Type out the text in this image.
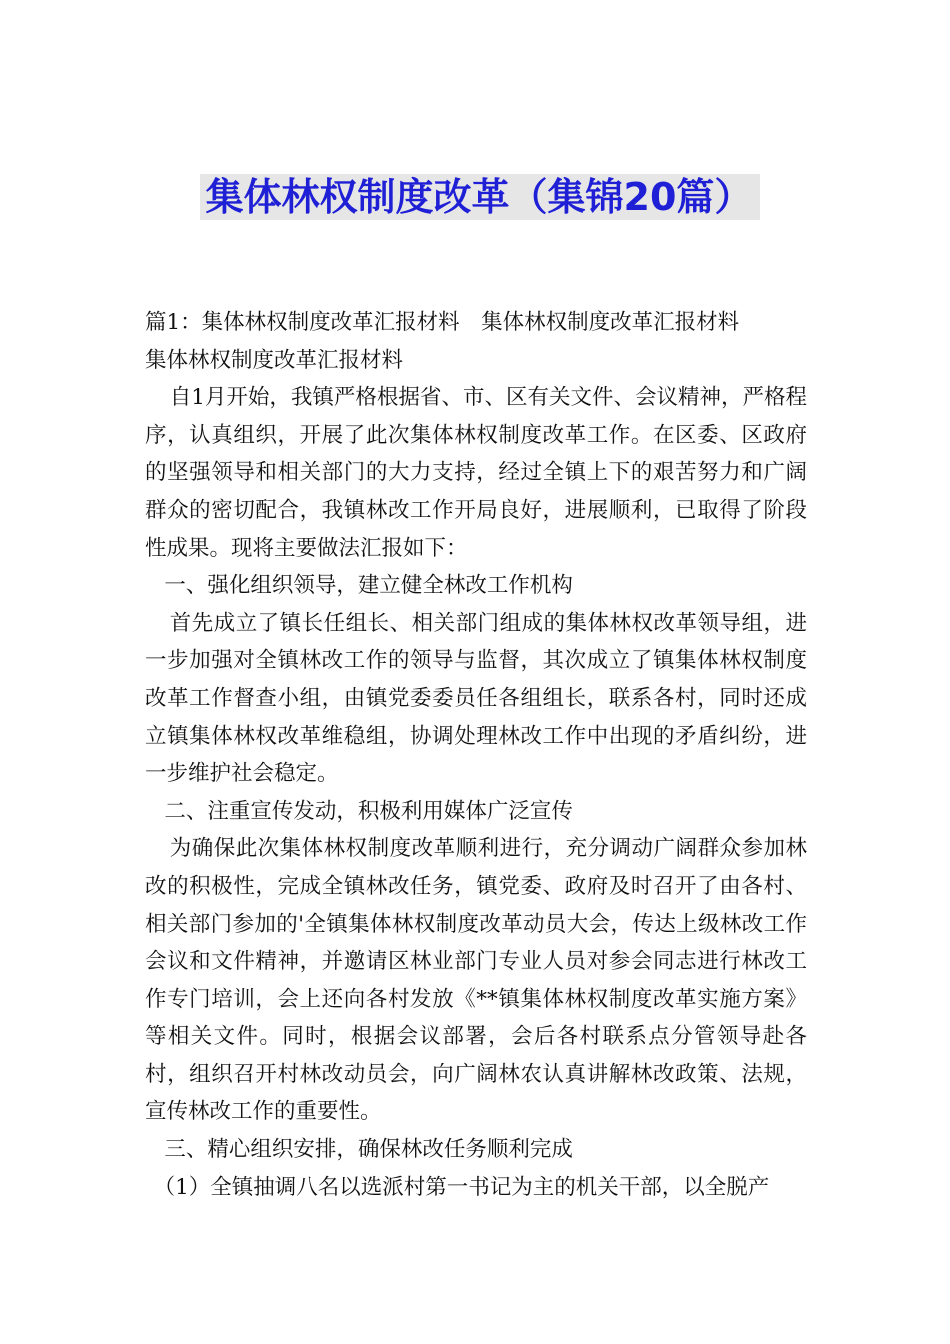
集体林权制度改革（集锦20篇）

篇1：集体林权制度改革汇报材料　集体林权制度改革汇报材料

集体林权制度改革汇报材料

自1月开始，我镇严格根据省、市、区有关文件、会议精神，严格程序，认真组织，开展了此次集体林权制度改革工作。在区委、区政府的坚强领导和相关部门的大力支持，经过全镇上下的艰苦努力和广阔群众的密切配合，我镇林改工作开局良好，进展顺利，已取得了阶段性成果。现将主要做法汇报如下：

一、强化组织领导，建立健全林改工作机构

首先成立了镇长任组长、相关部门组成的集体林权改革领导组，进一步加强对全镇林改工作的领导与监督，其次成立了镇集体林权制度改革工作督查小组，由镇党委委员任各组组长，联系各村，同时还成立镇集体林权改革维稳组，协调处理林改工作中出现的矛盾纠纷，进一步维护社会稳定。

二、注重宣传发动，积极利用媒体广泛宣传

为确保此次集体林权制度改革顺利进行，充分调动广阔群众参加林改的积极性，完成全镇林改任务，镇党委、政府及时召开了由各村、相关部门参加的'全镇集体林权制度改革动员大会，传达上级林改工作会议和文件精神，并邀请区林业部门专业人员对参会同志进行林改工作专门培训，会上还向各村发放《**镇集体林权制度改革实施方案》等相关文件。同时，根据会议部署，会后各村联系点分管领导赴各村，组织召开村林改动员会，向广阔林农认真讲解林改政策、法规，宣传林改工作的重要性。

三、精心组织安排，确保林改任务顺利完成

（1）全镇抽调八名以选派村第一书记为主的机关干部，以全脱产
